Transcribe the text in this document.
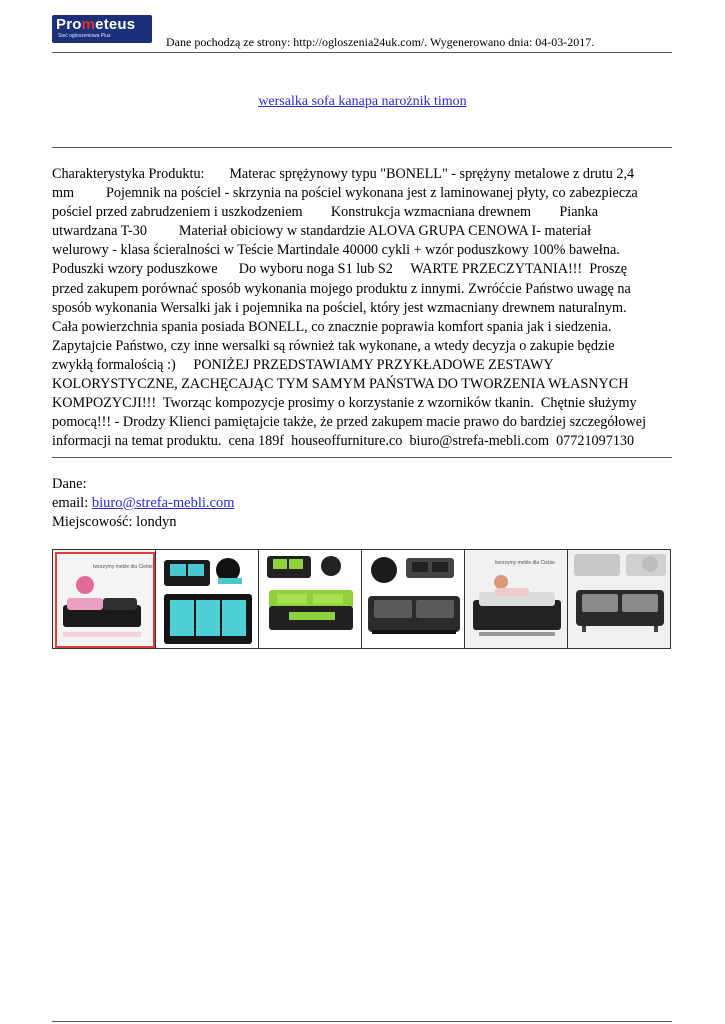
Prometeus
Sieć ogłoszeniowa Plus	Dane pochodzą ze strony: http://ogloszenia24uk.com/. Wygenerowano dnia: 04-03-2017.
wersalka sofa kanapa narożnik timon
Charakterystyka Produktu:       Materac sprężynowy typu "BONELL" - sprężyny metalowe z drutu 2,4
mm         Pojemnik na pościel - skrzynia na pościel wykonana jest z laminowanej płyty, co zabezpiecza
pościel przed zabrudzeniem i uszkodzeniem        Konstrukcja wzmacniana drewnem        Pianka
utwardzana T-30         Materiał obiciowy w standardzie ALOVA GRUPA CENOWA I- materiał
welurowy - klasa ścieralności w Teście Martindale 40000 cykli + wzór poduszkowy 100% bawełna.
Poduszki wzory poduszkowe      Do wyboru noga S1 lub S2     WARTE PRZECZYTANIA!!!  Proszę
przed zakupem porównać sposób wykonania mojego produktu z innymi. Zwróćcie Państwo uwagę na
sposób wykonania Wersalki jak i pojemnika na pościel, który jest wzmacniany drewnem naturalnym.
Cała powierzchnia spania posiada BONELL, co znacznie poprawia komfort spania jak i siedzenia.
Zapytajcie Państwo, czy inne wersalki są również tak wykonane, a wtedy decyzja o zakupie będzie
zwykłą formalością :)     PONIŻEJ PRZEDSTAWIAMY PRZYKŁADOWE ZESTAWY
KOLORYSTYCZNE, ZACHĘCAJĄC TYM SAMYM PAŃSTWA DO TWORZENIA WŁASNYCH
KOMPOZYCJI!!!  Tworząc kompozycje prosimy o korzystanie z wzorników tkanin.  Chętnie służymy
pomocą!!! - Drodzy Klienci pamiętajcie także, że przed zakupem macie prawo do bardziej szczegółowej
informacji na temat produktu.  cena 189f  houseoffurniture.co  biuro@strefa-mebli.com  07721097130
Dane:
email: biuro@strefa-mebli.com
Miejscowość: londyn
tworzymy meble dla Ciebie
tworzymy meble dla Ciebie
